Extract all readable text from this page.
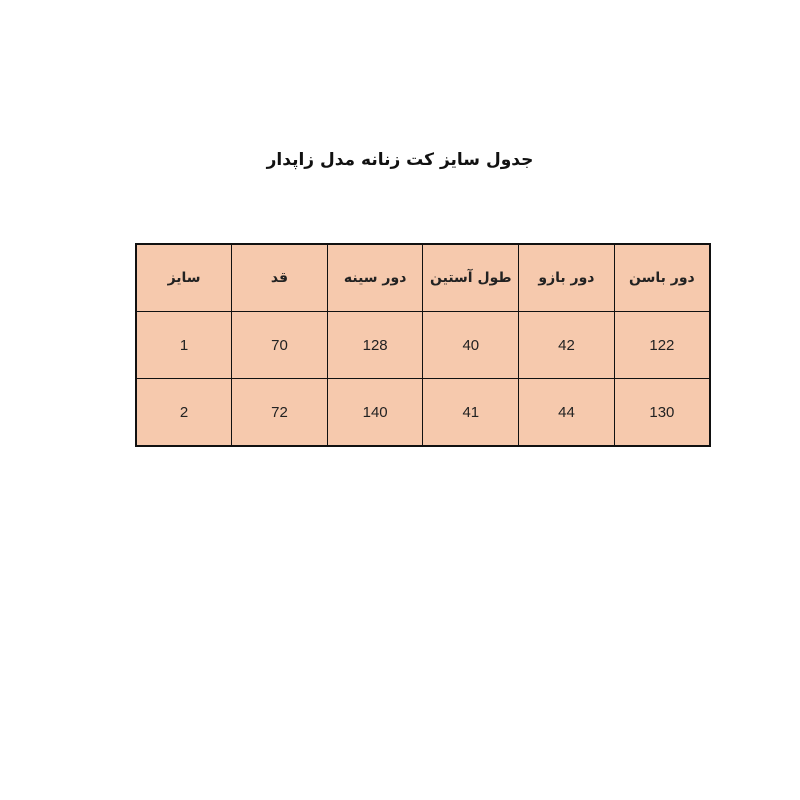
جدول سایز کت زنانه مدل زاپدار
سایز	قد	دور سینه	طول آستین	دور بازو	دور باسن
1	70	128	40	42	122
2	72	140	41	44	130
